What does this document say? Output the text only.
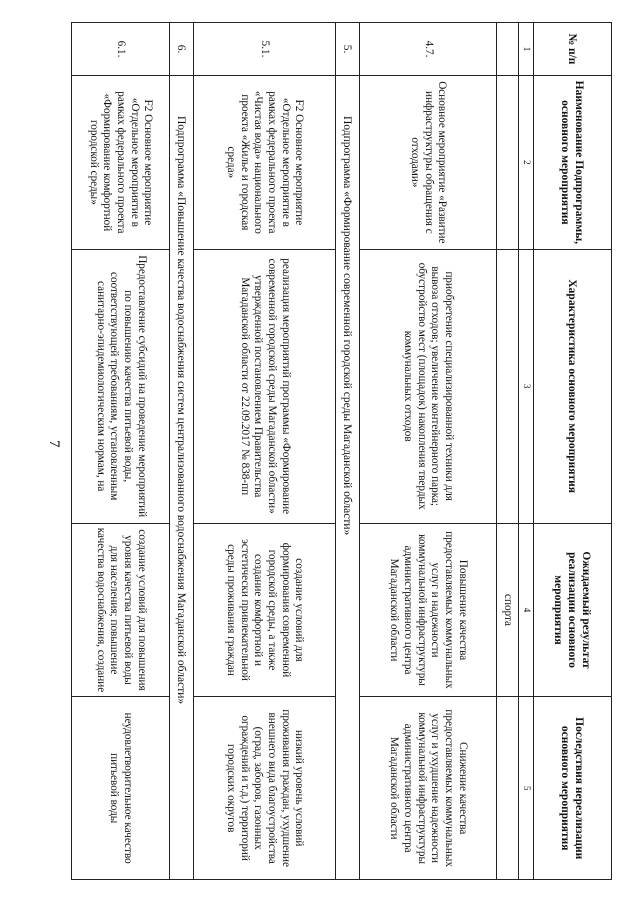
7
№ п/п	Наименование Подпрограммы, основного мероприятия	Характеристика основного мероприятия	Ожидаемый результат реализации основного мероприятия	Последствия нереализации основного мероприятия
1	2	3	4	5
			спорта	
4.7.	Основное мероприятие «Развитие инфраструктуры обращения с отходами»	приобретение специализированной техники для вывоза отходов; увеличение контейнерного парка; обустройство мест (площадок) накопления твердых коммунальных отходов	Повышение качества предоставляемых коммунальных услуг и надежности коммунальной инфраструктуры административного центра Магаданской области	Снижение качества предоставляемых коммунальных услуг и ухудшение надежности коммунальной инфраструктуры административного центра Магаданской области
5.	Подпрограмма «Формирование современной городской среды Магаданской области»			
5.1.	F2 Основное мероприятие «Отдельное мероприятие в рамках федерального проекта «Чистая вода» национального проекта «Жилье и городская среда»	реализация мероприятий программы «Формирование современной городской среды Магаданской области» утвержденной постановлением Правительства Магаданской области от 22.09.2017 № 838-пп	создание условий для формирования современной городской среды, а также создание комфортной и эстетически привлекательной среды проживания граждан	низкий уровень условий проживания граждан, ухудшение внешнего вида благоустройства (оград, заборов, газонных ограждений и т.д.) территорий городских округов
6.	Подпрограмма «Повышение качества водоснабжения систем централизованного водоснабжения Магаданской области»			
6.1.	F2 Основное мероприятие «Отдельное мероприятие в рамках федерального проекта «Формирование комфортной городской среды»	Предоставление субсидий на проведение мероприятий по повышению качества питьевой воды, соответствующей требованиям, установленным санитарно-эпидемиологическим нормам, на	создание условий для повышения уровня качества питьевой воды для населения; повышение качества водоснабжения, создание	неудовлетворительное качество питьевой воды
